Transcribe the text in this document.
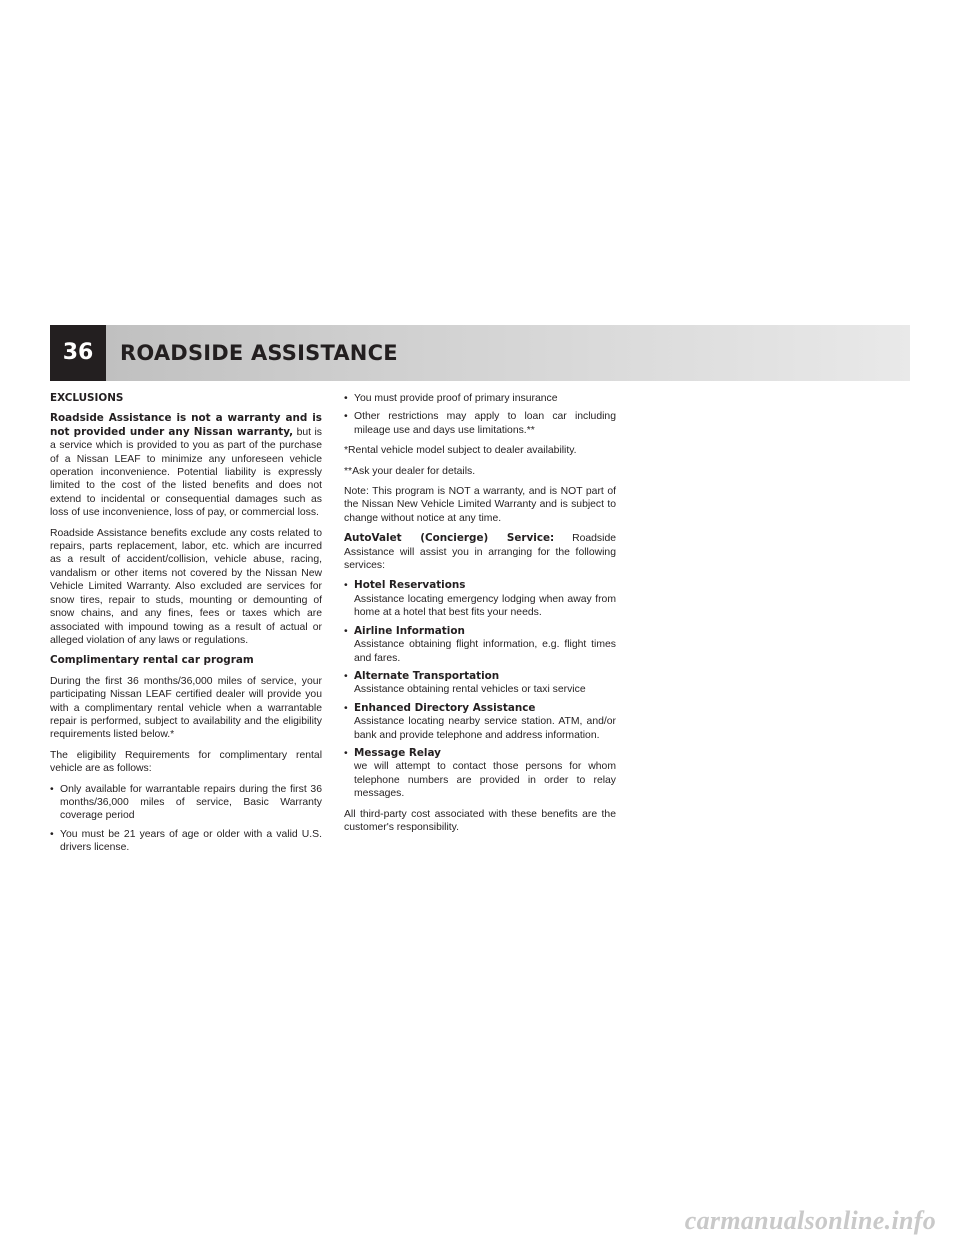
36	ROADSIDE ASSISTANCE

EXCLUSIONS

Roadside Assistance is not a warranty and is not provided under any Nissan warranty, but is a service which is provided to you as part of the purchase of a Nissan LEAF to minimize any unforeseen vehicle operation inconvenience. Potential liability is expressly limited to the cost of the listed benefits and does not extend to incidental or consequential damages such as loss of use inconvenience, loss of pay, or commercial loss.

Roadside Assistance benefits exclude any costs related to repairs, parts replacement, labor, etc. which are incurred as a result of accident/collision, vehicle abuse, racing, vandalism or other items not covered by the Nissan New Vehicle Limited Warranty. Also excluded are services for snow tires, repair to studs, mounting or demounting of snow chains, and any fines, fees or taxes which are associated with impound towing as a result of actual or alleged violation of any laws or regulations.

Complimentary rental car program

During the first 36 months/36,000 miles of service, your participating Nissan LEAF certified dealer will provide you with a complimentary rental vehicle when a warrantable repair is performed, subject to availability and the eligibility requirements listed below.*

The eligibility Requirements for complimentary rental vehicle are as follows:

• Only available for warrantable repairs during the first 36 months/36,000 miles of service, Basic Warranty coverage period
• You must be 21 years of age or older with a valid U.S. drivers license.
• You must provide proof of primary insurance
• Other restrictions may apply to loan car including mileage use and days use limitations.**

*Rental vehicle model subject to dealer availability.

**Ask your dealer for details.

Note: This program is NOT a warranty, and is NOT part of the Nissan New Vehicle Limited Warranty and is subject to change without notice at any time.

AutoValet (Concierge) Service: Roadside Assistance will assist you in arranging for the following services:

• Hotel Reservations
Assistance locating emergency lodging when away from home at a hotel that best fits your needs.
• Airline Information
Assistance obtaining flight information, e.g. flight times and fares.
• Alternate Transportation
Assistance obtaining rental vehicles or taxi service
• Enhanced Directory Assistance
Assistance locating nearby service station. ATM, and/or bank and provide telephone and address information.
• Message Relay
we will attempt to contact those persons for whom telephone numbers are provided in order to relay messages.

All third-party cost associated with these benefits are the customer's responsibility.

carmanualsonline.info
